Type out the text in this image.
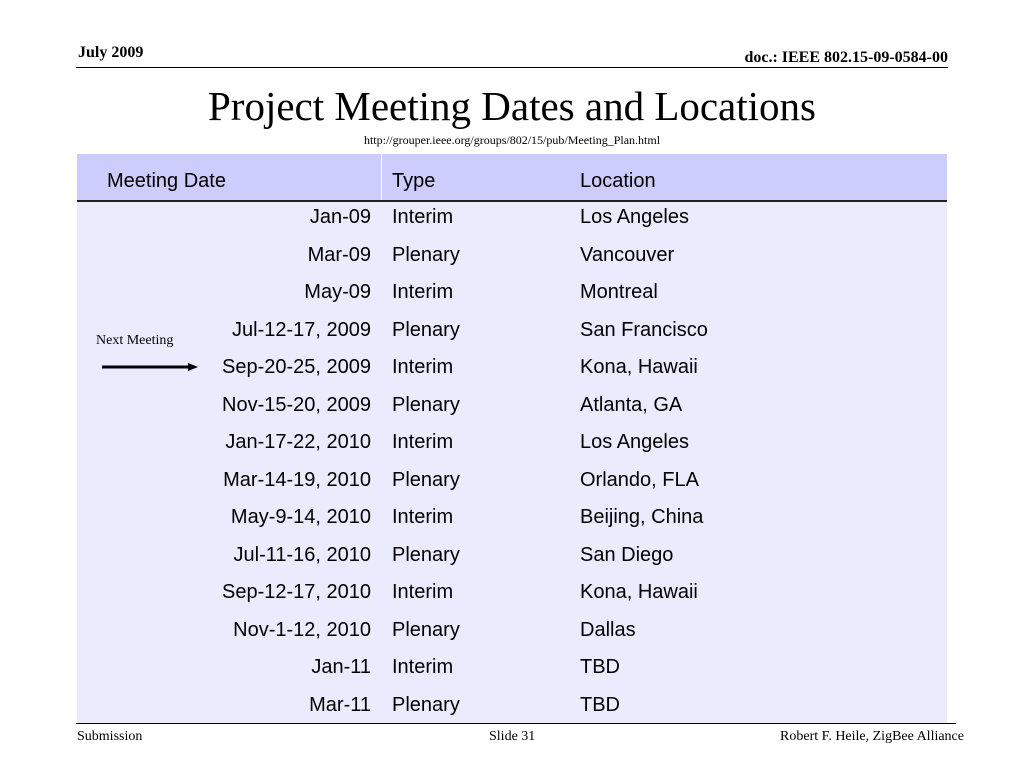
July 2009	doc.: IEEE 802.15-09-0584-00
Project Meeting Dates and Locations
http://grouper.ieee.org/groups/802/15/pub/Meeting_Plan.html
Meeting Date	Type	Location
Jan-09 Interim	Los Angeles
Mar-09 Plenary	Vancouver
May-09 Interim	Montreal
Jul-12-17, 2009 Plenary	San Francisco
Sep-20-25, 2009 Interim	Kona, Hawaii
Nov-15-20, 2009 Plenary	Atlanta, GA
Jan-17-22, 2010 Interim	Los Angeles
Mar-14-19, 2010 Plenary	Orlando, FLA
May-9-14, 2010 Interim	Beijing, China
Jul-11-16, 2010 Plenary	San Diego
Sep-12-17, 2010 Interim	Kona, Hawaii
Nov-1-12, 2010 Plenary	Dallas
Jan-11 Interim	TBD
Mar-11 Plenary	TBD
Next Meeting
Submission	Slide 31	Robert F. Heile, ZigBee Alliance
